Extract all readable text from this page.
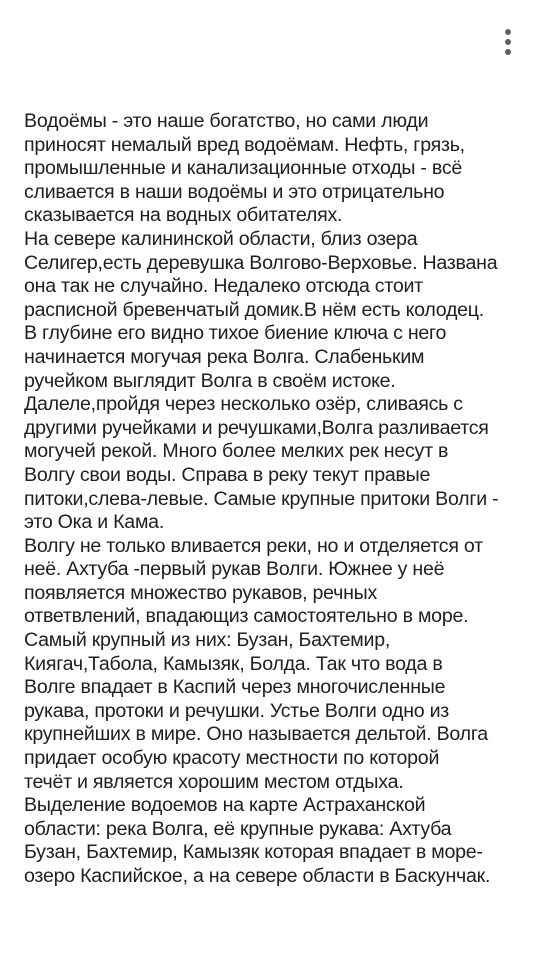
Водоёмы - это наше богатство, но сами люди
приносят немалый вред водоёмам. Нефть, грязь,
промышленные и канализационные отходы - всё
сливается в наши водоёмы и это отрицательно
сказывается на водных обитателях.
На севере калининской области, близ озера
Селигер,есть деревушка Волгово-Верховье. Названа
она так не случайно. Недалеко отсюда стоит
расписной бревенчатый домик.В нём есть колодец.
В глубине его видно тихое биение ключа с него
начинается могучая река Волга. Слабеньким
ручейком выглядит Волга в своём истоке.
Далеле,пройдя через несколько озёр, сливаясь с
другими ручейками и речушками,Волга разливается
могучей рекой. Много более мелких рек несут в
Волгу свои воды. Справа в реку текут правые
питоки,слева-левые. Самые крупные притоки Волги -
это Ока и Кама.
Волгу не только вливается реки, но и отделяется от
неё. Ахтуба -первый рукав Волги. Южнее у неё
появляется множество рукавов, речных
ответвлений, впадающиз самостоятельно в море.
Самый крупный из них: Бузан, Бахтемир,
Киягач,Табола, Камызяк, Болда. Так что вода в
Волге впадает в Каспий через многочисленные
рукава, протоки и речушки. Устье Волги одно из
крупнейших в мире. Оно называется дельтой. Волга
придает особую красоту местности по которой
течёт и является хорошим местом отдыха.
Выделение водоемов на карте Астраханской
области: река Волга, её крупные рукава: Ахтуба
Бузан, Бахтемир, Камызяк которая впадает в море-
озеро Каспийское, а на севере области в Баскунчак.
